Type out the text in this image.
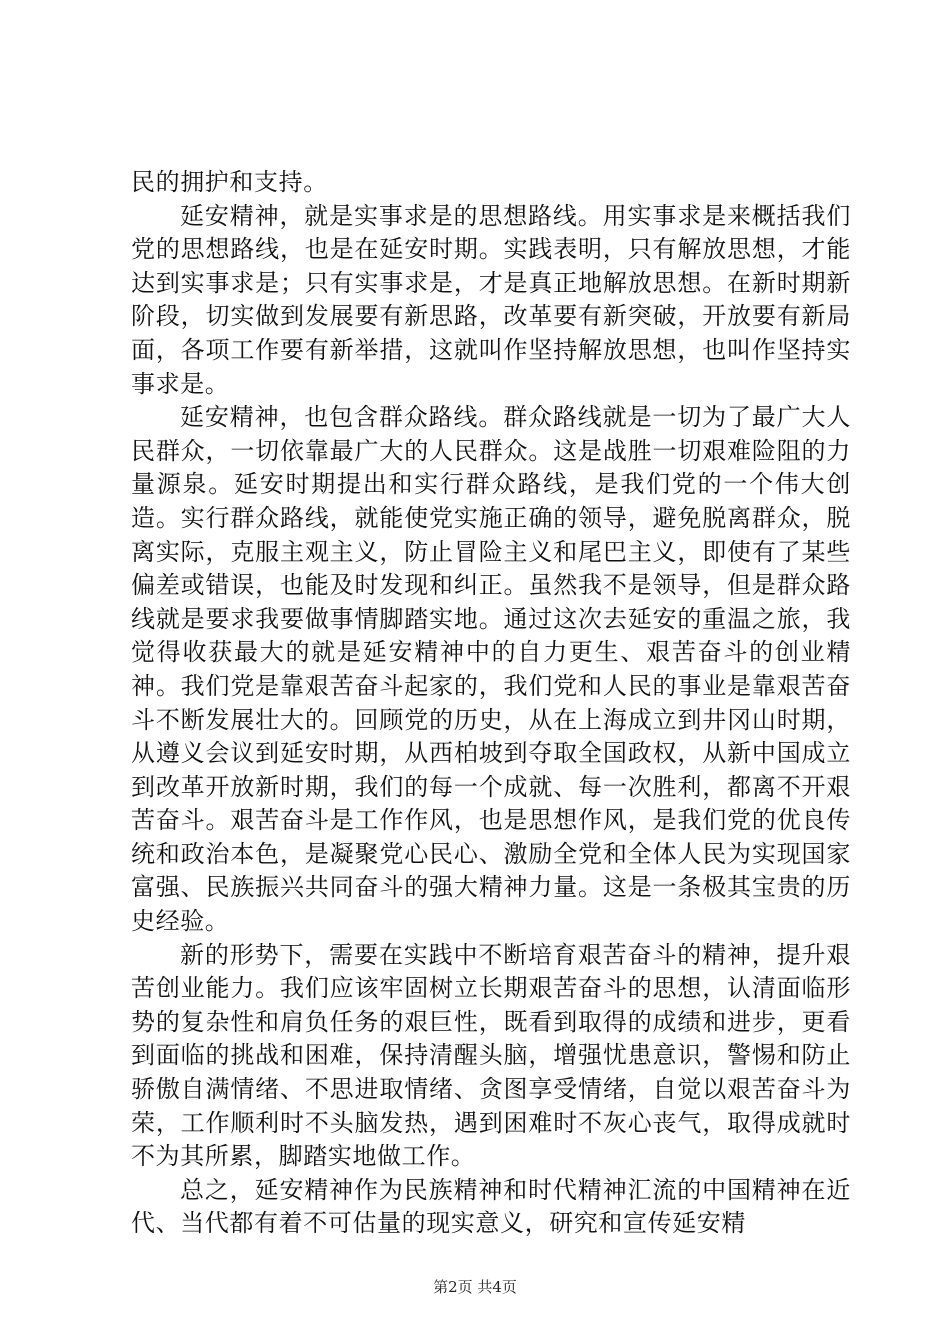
民的拥护和支持。

延安精神，就是实事求是的思想路线。用实事求是来概括我们党的思想路线，也是在延安时期。实践表明，只有解放思想，才能达到实事求是；只有实事求是，才是真正地解放思想。在新时期新阶段，切实做到发展要有新思路，改革要有新突破，开放要有新局面，各项工作要有新举措，这就叫作坚持解放思想，也叫作坚持实事求是。

延安精神，也包含群众路线。群众路线就是一切为了最广大人民群众，一切依靠最广大的人民群众。这是战胜一切艰难险阻的力量源泉。延安时期提出和实行群众路线，是我们党的一个伟大创造。实行群众路线，就能使党实施正确的领导，避免脱离群众，脱离实际，克服主观主义，防止冒险主义和尾巴主义，即使有了某些偏差或错误，也能及时发现和纠正。虽然我不是领导，但是群众路线就是要求我要做事情脚踏实地。通过这次去延安的重温之旅，我觉得收获最大的就是延安精神中的自力更生、艰苦奋斗的创业精神。我们党是靠艰苦奋斗起家的，我们党和人民的事业是靠艰苦奋斗不断发展壮大的。回顾党的历史，从在上海成立到井冈山时期，从遵义会议到延安时期，从西柏坡到夺取全国政权，从新中国成立到改革开放新时期，我们的每一个成就、每一次胜利，都离不开艰苦奋斗。艰苦奋斗是工作作风，也是思想作风，是我们党的优良传统和政治本色，是凝聚党心民心、激励全党和全体人民为实现国家富强、民族振兴共同奋斗的强大精神力量。这是一条极其宝贵的历史经验。

新的形势下，需要在实践中不断培育艰苦奋斗的精神，提升艰苦创业能力。我们应该牢固树立长期艰苦奋斗的思想，认清面临形势的复杂性和肩负任务的艰巨性，既看到取得的成绩和进步，更看到面临的挑战和困难，保持清醒头脑，增强忧患意识，警惕和防止骄傲自满情绪、不思进取情绪、贪图享受情绪，自觉以艰苦奋斗为荣，工作顺利时不头脑发热，遇到困难时不灰心丧气，取得成就时不为其所累，脚踏实地做工作。

总之，延安精神作为民族精神和时代精神汇流的中国精神在近代、当代都有着不可估量的现实意义，研究和宣传延安精

第2页 共4页
